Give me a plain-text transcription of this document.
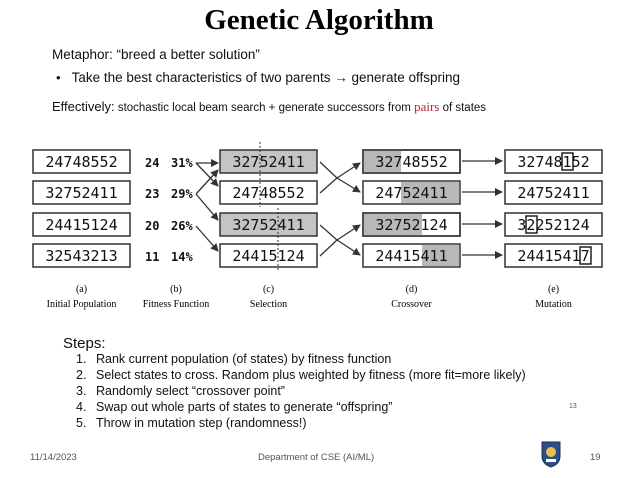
Genetic Algorithm
Metaphor: “breed a better solution”
• Take the best characteristics of two parents → generate offspring
Effectively: stochastic local beam search + generate successors from pairs of states
24748552
32752411
24415124
32543213
24 31%
23 29%
20 26%
11 14%
32752411
24748552
32752411
24415124
32748552
24752411
32752124
24415411
32748152
24752411
32252124
24415417
(a)
Initial Population
(b)
Fitness Function
(c)
Selection
(d)
Crossover
(e)
Mutation
Steps:
1. Rank current population (of states) by fitness function
2. Select states to cross. Random plus weighted by fitness (more fit=more likely)
3. Randomly select “crossover point”
4. Swap out whole parts of states to generate “offspring”
5. Throw in mutation step (randomness!)
13
11/14/2023	Department of CSE (AI/ML)	19
